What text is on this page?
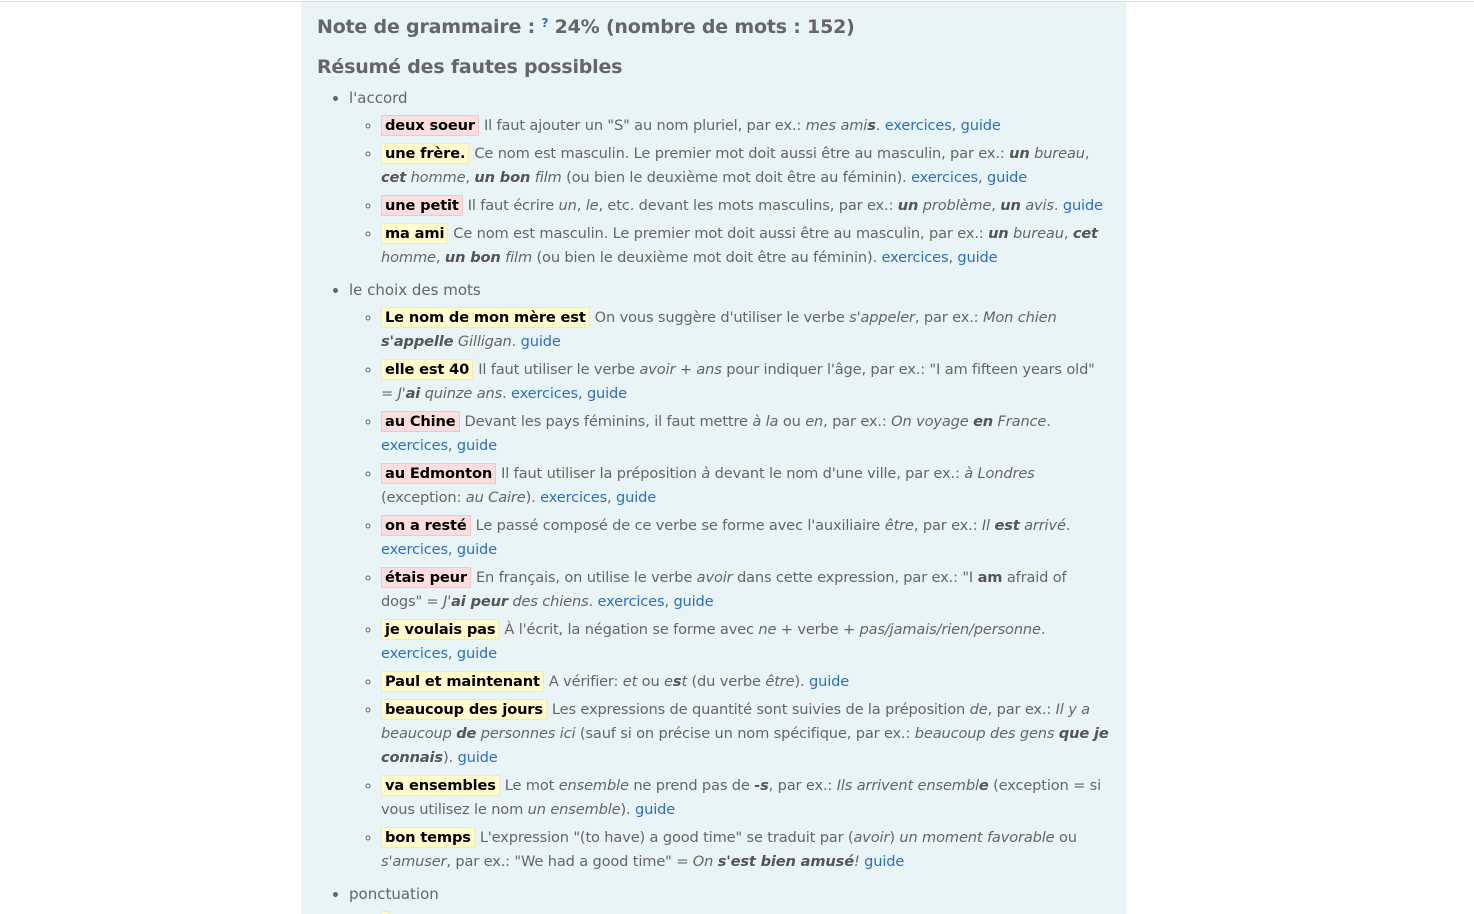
Note de grammaire : ? 24% (nombre de mots : 152)
Résumé des fautes possibles
• l'accord
◦ deux soeur Il faut ajouter un "S" au nom pluriel, par ex.: mes amis. exercices, guide
◦ une frère. Ce nom est masculin. Le premier mot doit aussi être au masculin, par ex.: un bureau, cet homme, un bon film (ou bien le deuxième mot doit être au féminin). exercices, guide
◦ une petit Il faut écrire un, le, etc. devant les mots masculins, par ex.: un problème, un avis. guide
◦ ma ami Ce nom est masculin. Le premier mot doit aussi être au masculin, par ex.: un bureau, cet homme, un bon film (ou bien le deuxième mot doit être au féminin). exercices, guide
• le choix des mots
◦ Le nom de mon mère est On vous suggère d'utiliser le verbe s'appeler, par ex.: Mon chien s'appelle Gilligan. guide
◦ elle est 40 Il faut utiliser le verbe avoir + ans pour indiquer l'âge, par ex.: "I am fifteen years old" = J'ai quinze ans. exercices, guide
◦ au Chine Devant les pays féminins, il faut mettre à la ou en, par ex.: On voyage en France. exercices, guide
◦ au Edmonton Il faut utiliser la préposition à devant le nom d'une ville, par ex.: à Londres (exception: au Caire). exercices, guide
◦ on a resté Le passé composé de ce verbe se forme avec l'auxiliaire être, par ex.: Il est arrivé. exercices, guide
◦ étais peur En français, on utilise le verbe avoir dans cette expression, par ex.: "I am afraid of dogs" = J'ai peur des chiens. exercices, guide
◦ je voulais pas À l'écrit, la négation se forme avec ne + verbe + pas/jamais/rien/personne. exercices, guide
◦ Paul et maintenant A vérifier: et ou est (du verbe être). guide
◦ beaucoup des jours Les expressions de quantité sont suivies de la préposition de, par ex.: Il y a beaucoup de personnes ici (sauf si on précise un nom spécifique, par ex.: beaucoup des gens que je connais). guide
◦ va ensembles Le mot ensemble ne prend pas de -s, par ex.: Ils arrivent ensemble (exception = si vous utilisez le nom un ensemble). guide
◦ bon temps L'expression "(to have) a good time" se traduit par (avoir) un moment favorable ou s'amuser, par ex.: "We had a good time" = On s'est bien amusé! guide
• ponctuation
◦
